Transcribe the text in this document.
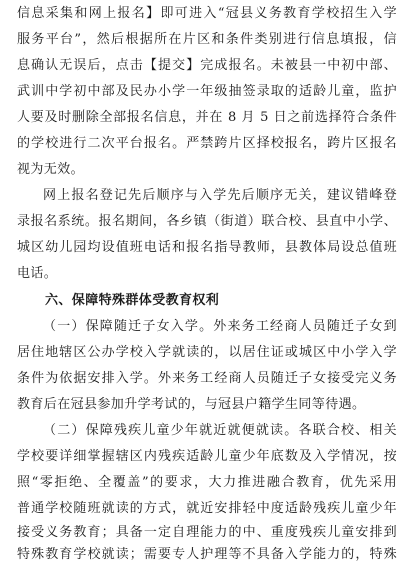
信息采集和网上报名】即可进入“冠县义务教育学校招生入学
服务平台”，然后根据所在片区和条件类别进行信息填报，信
息确认无误后，点击【提交】完成报名。未被县一中初中部、
武训中学初中部及民办小学一年级抽签录取的适龄儿童，监护
人要及时删除全部报名信息，并在 8 月 5 日之前选择符合条件
的学校进行二次平台报名。严禁跨片区择校报名，跨片区报名
视为无效。
网上报名登记先后顺序与入学先后顺序无关，建议错峰登
录报名系统。报名期间，各乡镇（街道）联合校、县直中小学、
城区幼儿园均设值班电话和报名指导教师，县教体局设总值班
电话。
六、保障特殊群体受教育权利
（一）保障随迁子女入学。外来务工经商人员随迁子女到
居住地辖区公办学校入学就读的，以居住证或城区中小学入学
条件为依据安排入学。外来务工经商人员随迁子女接受完义务
教育后在冠县参加升学考试的，与冠县户籍学生同等待遇。
（二）保障残疾儿童少年就近就便就读。各联合校、相关
学校要详细掌握辖区内残疾适龄儿童少年底数及入学情况，按
照“零拒绝、全覆盖”的要求，大力推进融合教育，优先采用
普通学校随班就读的方式，就近安排轻中度适龄残疾儿童少年
接受义务教育；具备一定自理能力的中、重度残疾儿童安排到
特殊教育学校就读；需要专人护理等不具备入学能力的，特殊
